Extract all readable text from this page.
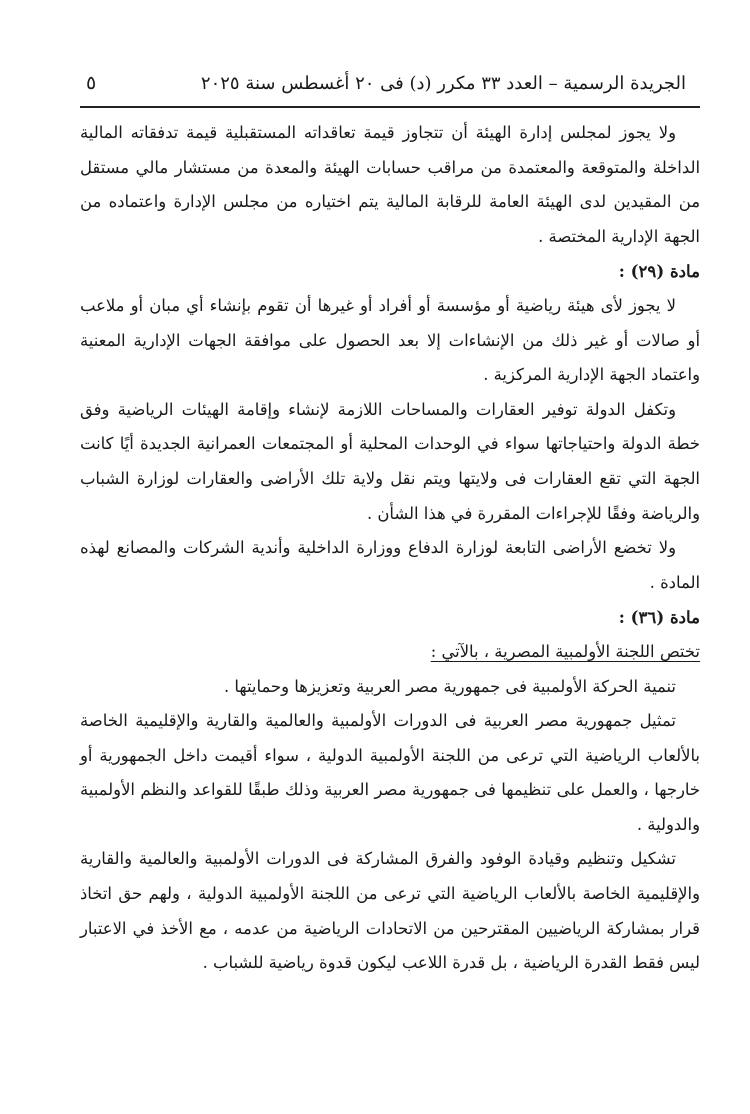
الجريدة الرسمية – العدد ٣٣ مكرر (د) فى ٢٠ أغسطس سنة ٢٠٢٥
٥

ولا يجوز لمجلس إدارة الهيئة أن تتجاوز قيمة تعاقداته المستقبلية قيمة تدفقاته المالية الداخلة والمتوقعة والمعتمدة من مراقب حسابات الهيئة والمعدة من مستشار مالي مستقل من المقيدين لدى الهيئة العامة للرقابة المالية يتم اختياره من مجلس الإدارة واعتماده من الجهة الإدارية المختصة .

مادة (٢٩) :

لا يجوز لأى هيئة رياضية أو مؤسسة أو أفراد أو غيرها أن تقوم بإنشاء أي مبان أو ملاعب أو صالات أو غير ذلك من الإنشاءات إلا بعد الحصول على موافقة الجهات الإدارية المعنية واعتماد الجهة الإدارية المركزية .

وتكفل الدولة توفير العقارات والمساحات اللازمة لإنشاء وإقامة الهيئات الرياضية وفق خطة الدولة واحتياجاتها سواء في الوحدات المحلية أو المجتمعات العمرانية الجديدة أيًا كانت الجهة التي تقع العقارات فى ولايتها ويتم نقل ولاية تلك الأراضى والعقارات لوزارة الشباب والرياضة وفقًا للإجراءات المقررة في هذا الشأن .

ولا تخضع الأراضى التابعة لوزارة الدفاع ووزارة الداخلية وأندية الشركات والمصانع لهذه المادة .

مادة (٣٦) :

تختص اللجنة الأولمبية المصرية ، بالآتي :

تنمية الحركة الأولمبية فى جمهورية مصر العربية وتعزيزها وحمايتها .

تمثيل جمهورية مصر العربية فى الدورات الأولمبية والعالمية والقارية والإقليمية الخاصة بالألعاب الرياضية التي ترعى من اللجنة الأولمبية الدولية ، سواء أقيمت داخل الجمهورية أو خارجها ، والعمل على تنظيمها فى جمهورية مصر العربية وذلك طبقًا للقواعد والنظم الأولمبية والدولية .

تشكيل وتنظيم وقيادة الوفود والفرق المشاركة فى الدورات الأولمبية والعالمية والقارية والإقليمية الخاصة بالألعاب الرياضية التي ترعى من اللجنة الأولمبية الدولية ، ولهم حق اتخاذ قرار بمشاركة الرياضيين المقترحين من الاتحادات الرياضية من عدمه ، مع الأخذ في الاعتبار ليس فقط القدرة الرياضية ، بل قدرة اللاعب ليكون قدوة رياضية للشباب .
